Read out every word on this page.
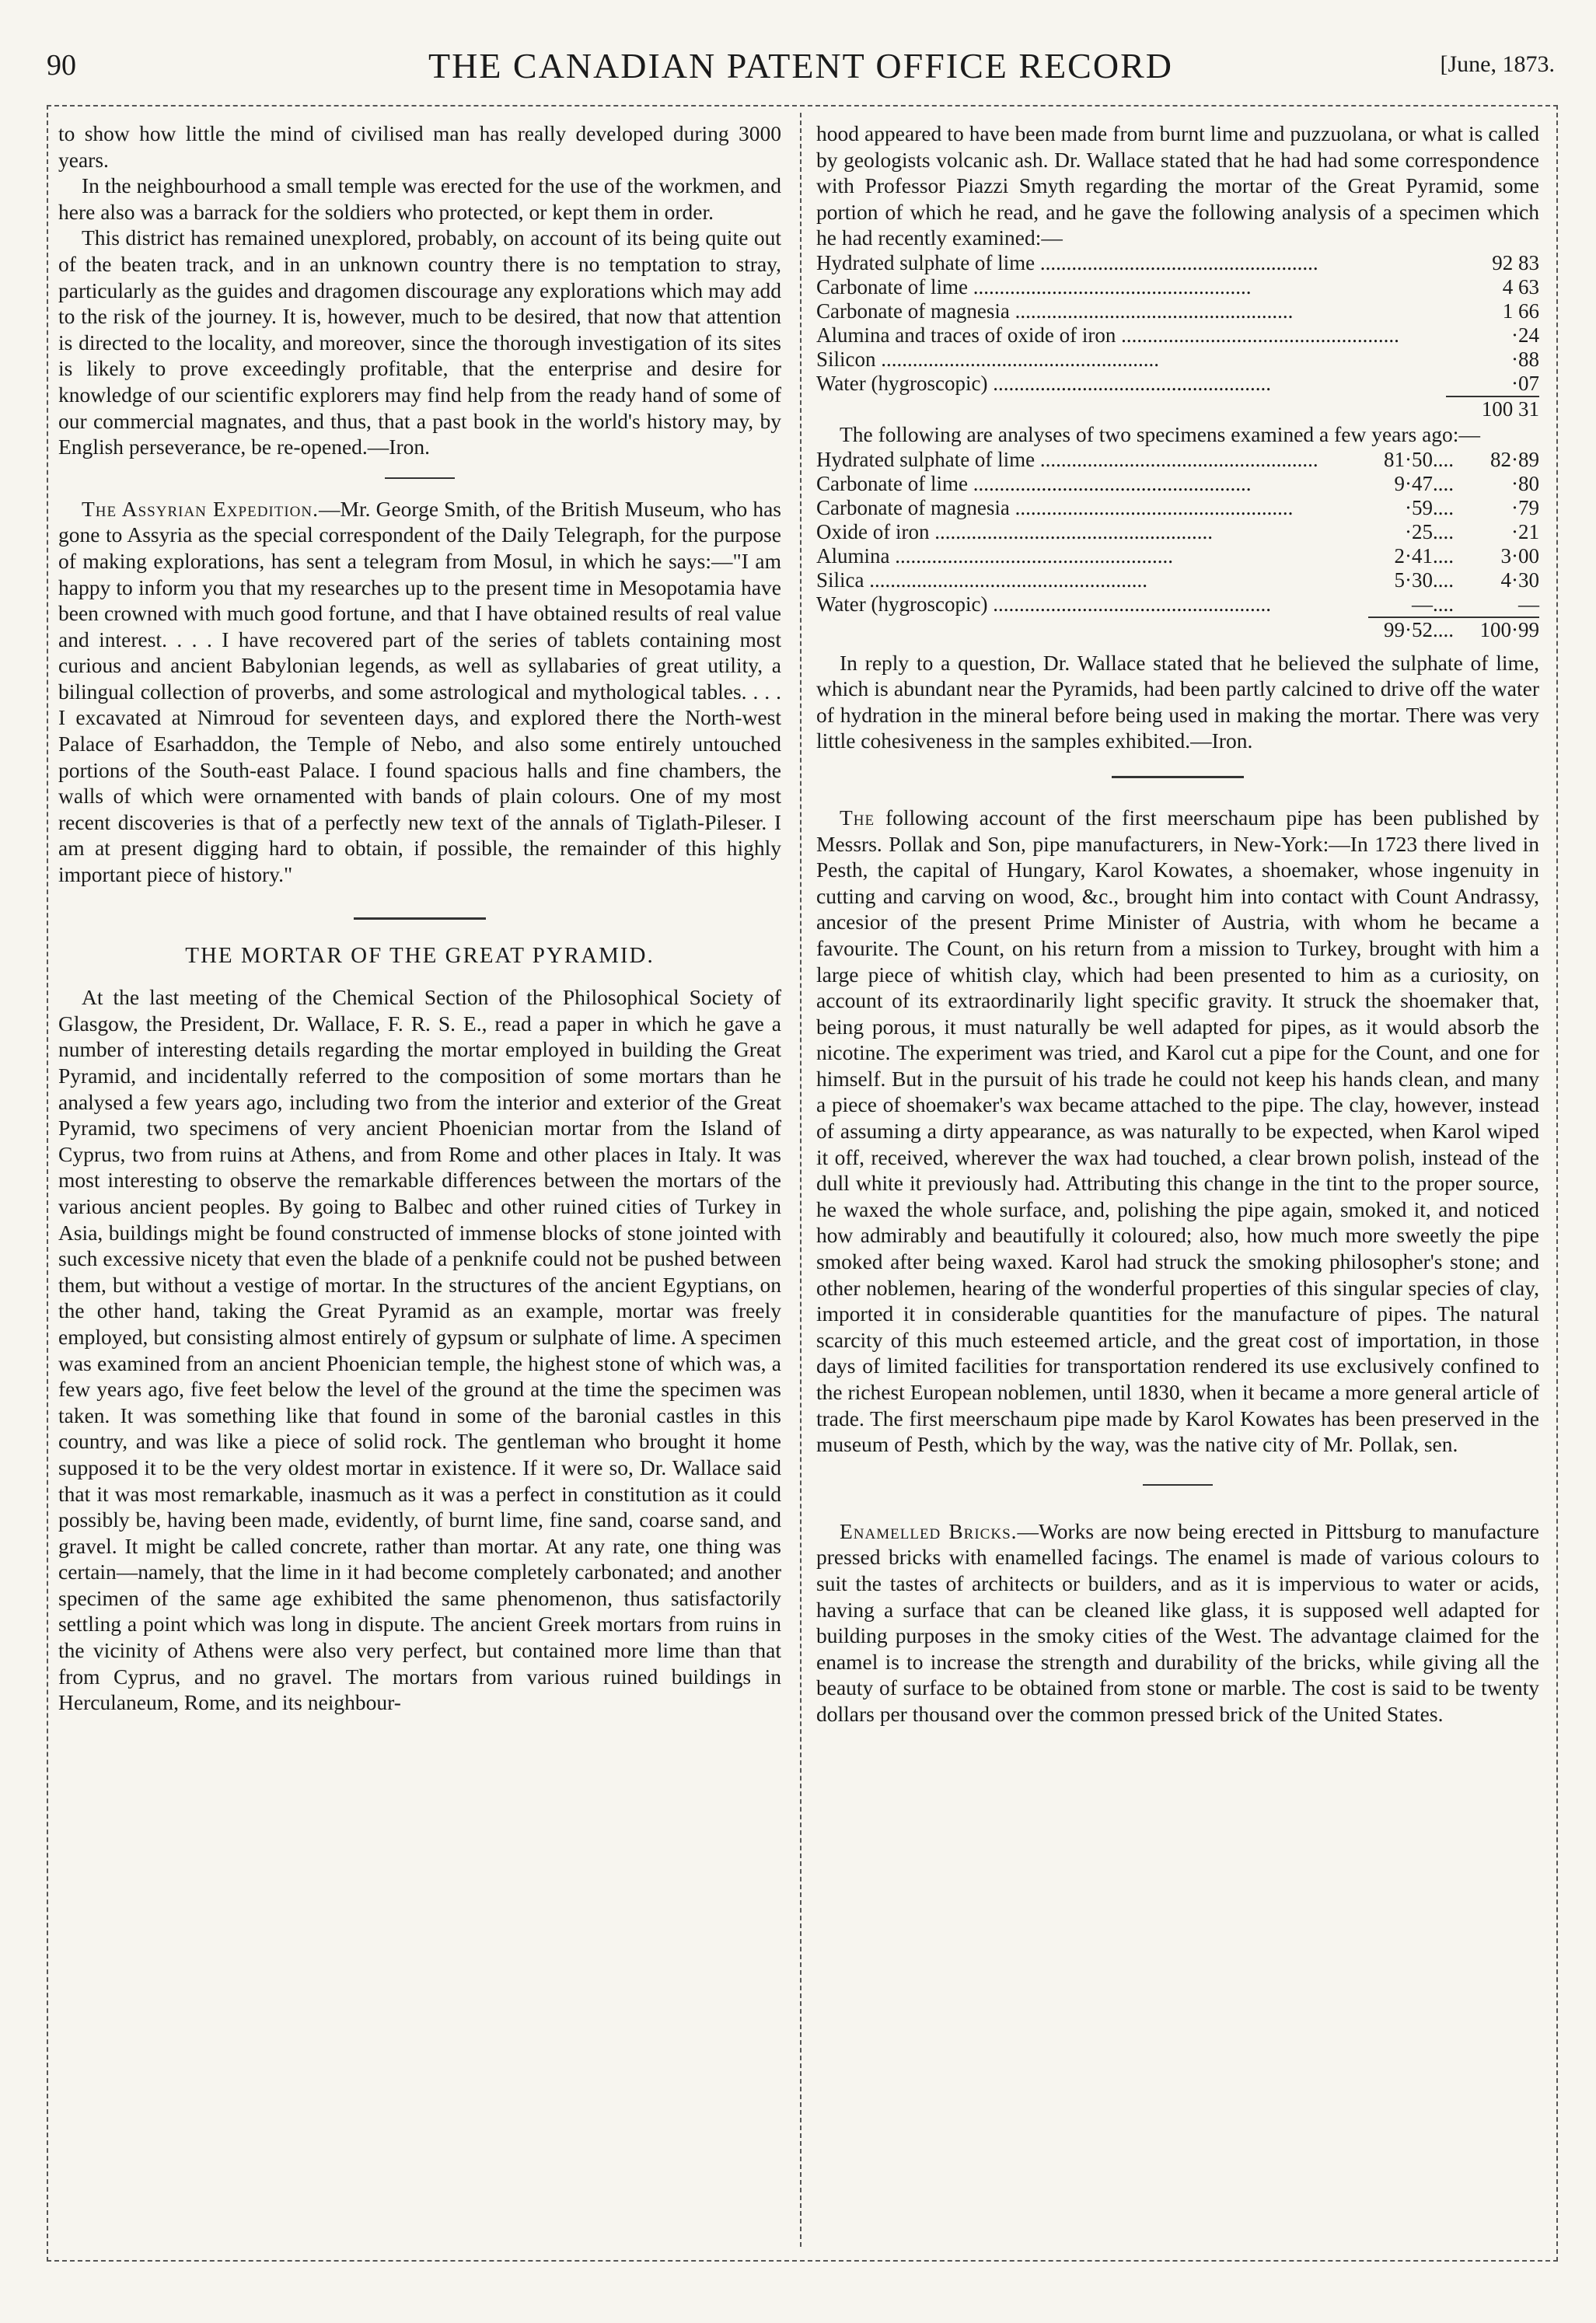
90	THE CANADIAN PATENT OFFICE RECORD	[June, 1873.

to show how little the mind of civilised man has really developed during 3000 years.

In the neighbourhood a small temple was erected for the use of the workmen, and here also was a barrack for the soldiers who protected, or kept them in order.

This district has remained unexplored, probably, on account of its being quite out of the beaten track, and in an unknown country there is no temptation to stray, particularly as the guides and dragomen discourage any explorations which may add to the risk of the journey. It is, however, much to be desired, that now that attention is directed to the locality, and moreover, since the thorough investigation of its sites is likely to prove exceedingly profitable, that the enterprise and desire for knowledge of our scientific explorers may find help from the ready hand of some of our commercial magnates, and thus, that a past book in the world's history may, by English perseverance, be re-opened.—Iron.

The Assyrian Expedition.—Mr. George Smith, of the British Museum, who has gone to Assyria as the special correspondent of the Daily Telegraph, for the purpose of making explorations, has sent a telegram from Mosul, in which he says:—"I am happy to inform you that my researches up to the present time in Mesopotamia have been crowned with much good fortune, and that I have obtained results of real value and interest. . . . I have recovered part of the series of tablets containing most curious and ancient Babylonian legends, as well as syllabaries of great utility, a bilingual collection of proverbs, and some astrological and mythological tables. . . . I excavated at Nimroud for seventeen days, and explored there the North-west Palace of Esarhaddon, the Temple of Nebo, and also some entirely untouched portions of the South-east Palace. I found spacious halls and fine chambers, the walls of which were ornamented with bands of plain colours. One of my most recent discoveries is that of a perfectly new text of the annals of Tiglath-Pileser. I am at present digging hard to obtain, if possible, the remainder of this highly important piece of history."

THE MORTAR OF THE GREAT PYRAMID.

At the last meeting of the Chemical Section of the Philosophical Society of Glasgow, the President, Dr. Wallace, F. R. S. E., read a paper in which he gave a number of interesting details regarding the mortar employed in building the Great Pyramid, and incidentally referred to the composition of some mortars than he analysed a few years ago, including two from the interior and exterior of the Great Pyramid, two specimens of very ancient Phoenician mortar from the Island of Cyprus, two from ruins at Athens, and from Rome and other places in Italy. It was most interesting to observe the remarkable differences between the mortars of the various ancient peoples. By going to Balbec and other ruined cities of Turkey in Asia, buildings might be found constructed of immense blocks of stone jointed with such excessive nicety that even the blade of a penknife could not be pushed between them, but without a vestige of mortar. In the structures of the ancient Egyptians, on the other hand, taking the Great Pyramid as an example, mortar was freely employed, but consisting almost entirely of gypsum or sulphate of lime. A specimen was examined from an ancient Phoenician temple, the highest stone of which was, a few years ago, five feet below the level of the ground at the time the specimen was taken. It was something like that found in some of the baronial castles in this country, and was like a piece of solid rock. The gentleman who brought it home supposed it to be the very oldest mortar in existence. If it were so, Dr. Wallace said that it was most remarkable, inasmuch as it was a perfect in constitution as it could possibly be, having been made, evidently, of burnt lime, fine sand, coarse sand, and gravel. It might be called concrete, rather than mortar. At any rate, one thing was certain—namely, that the lime in it had become completely carbonated; and another specimen of the same age exhibited the same phenomenon, thus satisfactorily settling a point which was long in dispute. The ancient Greek mortars from ruins in the vicinity of Athens were also very perfect, but contained more lime than that from Cyprus, and no gravel. The mortars from various ruined buildings in Herculaneum, Rome, and its neighbour-

hood appeared to have been made from burnt lime and puzzuolana, or what is called by geologists volcanic ash. Dr. Wallace stated that he had had some correspondence with Professor Piazzi Smyth regarding the mortar of the Great Pyramid, some portion of which he read, and he gave the following analysis of a specimen which he had recently examined:—

Hydrated sulphate of lime .....	92 83
Carbonate of lime .....	4 63
Carbonate of magnesia .....	1 66
Alumina and traces of oxide of iron .....	·24
Silicon .....	·88
Water (hygroscopic) .....	·07
	100 31

The following are analyses of two specimens examined a few years ago:—

Hydrated sulphate of lime .....	81·50....	82·89
Carbonate of lime .....	9·47....	·80
Carbonate of magnesia .....	·59....	·79
Oxide of iron .....	·25....	·21
Alumina .....	2·41....	3·00
Silica .....	5·30....	4·30
Water (hygroscopic) .....	—....	—
	99·52....	100·99

In reply to a question, Dr. Wallace stated that he believed the sulphate of lime, which is abundant near the Pyramids, had been partly calcined to drive off the water of hydration in the mineral before being used in making the mortar. There was very little cohesiveness in the samples exhibited.—Iron.

The following account of the first meerschaum pipe has been published by Messrs. Pollak and Son, pipe manufacturers, in New-York:—In 1723 there lived in Pesth, the capital of Hungary, Karol Kowates, a shoemaker, whose ingenuity in cutting and carving on wood, &c., brought him into contact with Count Andrassy, ancesior of the present Prime Minister of Austria, with whom he became a favourite. The Count, on his return from a mission to Turkey, brought with him a large piece of whitish clay, which had been presented to him as a curiosity, on account of its extraordinarily light specific gravity. It struck the shoemaker that, being porous, it must naturally be well adapted for pipes, as it would absorb the nicotine. The experiment was tried, and Karol cut a pipe for the Count, and one for himself. But in the pursuit of his trade he could not keep his hands clean, and many a piece of shoemaker's wax became attached to the pipe. The clay, however, instead of assuming a dirty appearance, as was naturally to be expected, when Karol wiped it off, received, wherever the wax had touched, a clear brown polish, instead of the dull white it previously had. Attributing this change in the tint to the proper source, he waxed the whole surface, and, polishing the pipe again, smoked it, and noticed how admirably and beautifully it coloured; also, how much more sweetly the pipe smoked after being waxed. Karol had struck the smoking philosopher's stone; and other noblemen, hearing of the wonderful properties of this singular species of clay, imported it in considerable quantities for the manufacture of pipes. The natural scarcity of this much esteemed article, and the great cost of importation, in those days of limited facilities for transportation rendered its use exclusively confined to the richest European noblemen, until 1830, when it became a more general article of trade. The first meerschaum pipe made by Karol Kowates has been preserved in the museum of Pesth, which by the way, was the native city of Mr. Pollak, sen.

Enamelled Bricks.—Works are now being erected in Pittsburg to manufacture pressed bricks with enamelled facings. The enamel is made of various colours to suit the tastes of architects or builders, and as it is impervious to water or acids, having a surface that can be cleaned like glass, it is supposed well adapted for building purposes in the smoky cities of the West. The advantage claimed for the enamel is to increase the strength and durability of the bricks, while giving all the beauty of surface to be obtained from stone or marble. The cost is said to be twenty dollars per thousand over the common pressed brick of the United States.
